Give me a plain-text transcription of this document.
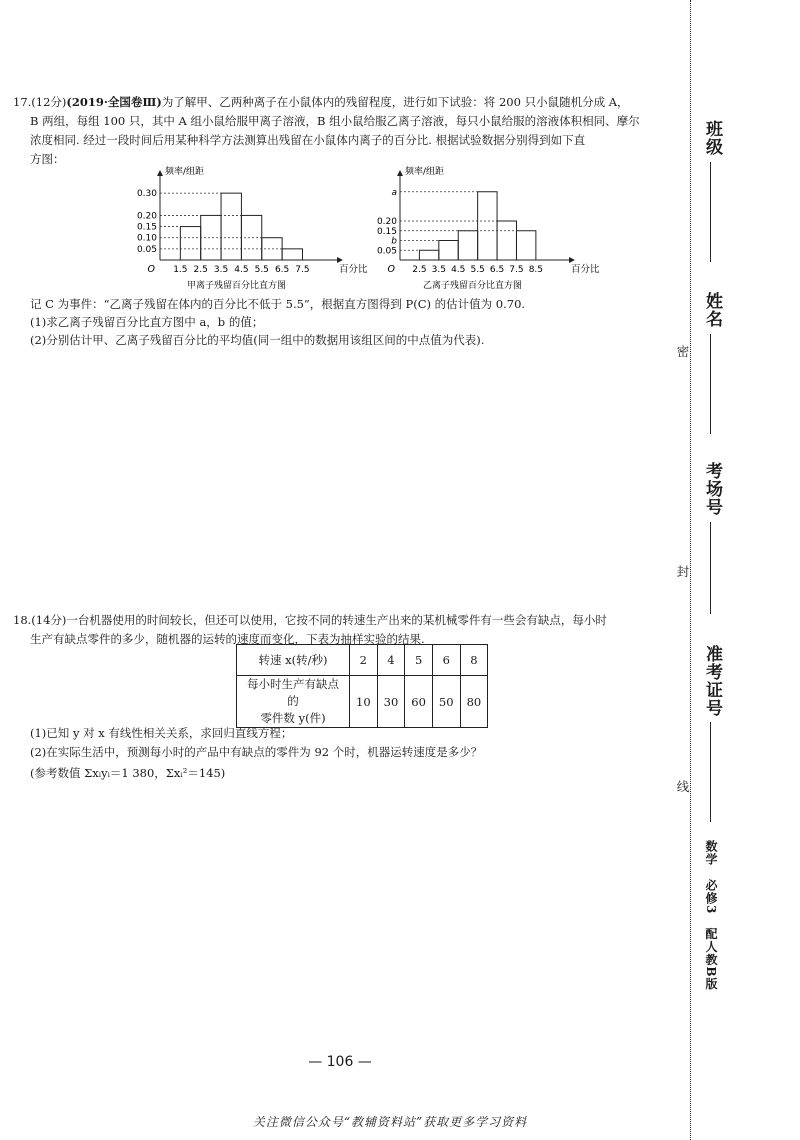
17.(12分)(2019·全国卷Ⅲ)为了解甲、乙两种离子在小鼠体内的残留程度，进行如下试验：将 200 只小鼠随机分成 A，
B 两组，每组 100 只，其中 A 组小鼠给服甲离子溶液，B 组小鼠给服乙离子溶液，每只小鼠给服的溶液体积相同、摩尔
浓度相同. 经过一段时间后用某种科学方法测算出残留在小鼠体内离子的百分比. 根据试验数据分别得到如下直
方图：
0.30
0.20
0.15
0.10
0.05
1.5 2.5 3.5 4.5 5.5 6.5 7.5
O
频率/组距
百分比
甲离子残留百分比直方图
a
0.20
0.15
b
0.05
2.5 3.5 4.5 5.5 6.5 7.5 8.5
O
频率/组距
百分比
乙离子残留百分比直方图
记 C 为事件：“乙离子残留在体内的百分比不低于 5.5”，根据直方图得到 P(C) 的估计值为 0.70.
(1)求乙离子残留百分比直方图中 a，b 的值；
(2)分别估计甲、乙离子残留百分比的平均值(同一组中的数据用该组区间的中点值为代表).
18.(14分)一台机器使用的时间较长，但还可以使用，它按不同的转速生产出来的某机械零件有一些会有缺点，每小时
生产有缺点零件的多少，随机器的运转的速度而变化，下表为抽样实验的结果.
转速 x(转/秒)	2	4	5	6	8

每小时生产有缺点的
零件数 y(件)	10	30	60	50	80
(1)已知 y 对 x 有线性相关关系，求回归直线方程；
(2)在实际生活中，预测每小时的产品中有缺点的零件为 92 个时，机器运转速度是多少？
(参考数值 Σxᵢyᵢ＝1 380，Σxᵢ²＝145)
班级
密
姓名
考场号
封
准考证号
线
数学　必修3　配人教B版
— 106 —
关注微信公众号“教辅资料站”获取更多学习资料
